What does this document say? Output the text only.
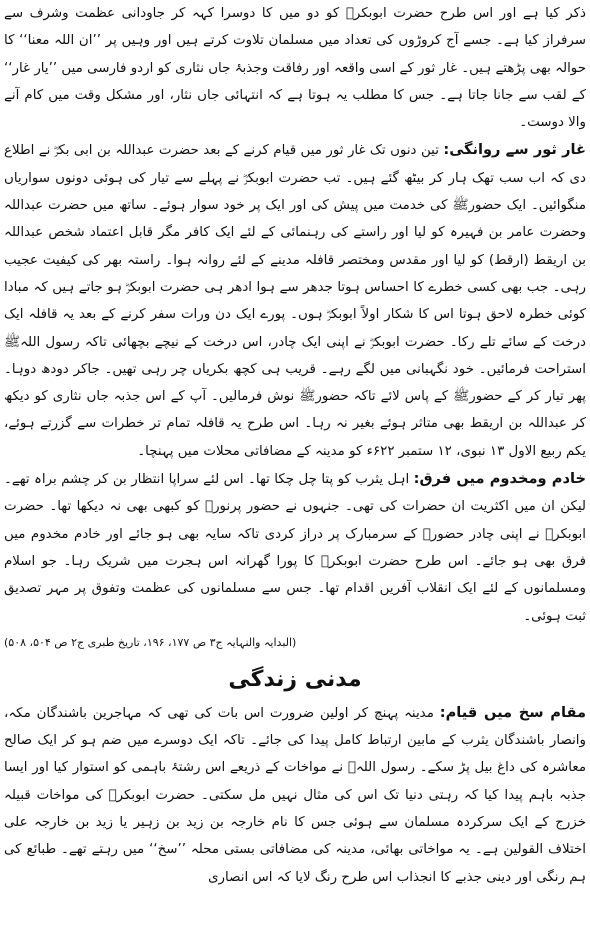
ذکر کیا ہے اور اس طرح حضرت ابوبکرؓ کو دو میں کا دوسرا کہہ کر جاودانی عظمت وشرف سے سرفراز کیا ہے۔ جسے آج کروڑوں کی تعداد میں مسلمان تلاوت کرتے ہیں اور وہیں پر ’’ان اللہ معنا‘‘ کا حوالہ بھی پڑھتے ہیں۔ غار ثور کے اسی واقعہ اور رفاقت وجذبۂ جاں نثاری کو اردو فارسی میں ’’یار غار‘‘ کے لقب سے جانا جاتا ہے۔ جس کا مطلب یہ ہوتا ہے کہ انتہائی جاں نثار، اور مشکل وقت میں کام آنے والا دوست۔

غار ثور سے روانگی: تین دنوں تک غار ثور میں قیام کرنے کے بعد حضرت عبداللہ بن ابی بکرؓ نے اطلاع دی کہ اب سب تھک ہار کر بیٹھ گئے ہیں۔ تب حضرت ابوبکرؓ نے پہلے سے تیار کی ہوئی دونوں سواریاں منگوائیں۔ ایک حضورﷺ کی خدمت میں پیش کی اور ایک پر خود سوار ہوئے۔ ساتھ میں حضرت عبداللہ وحضرت عامر بن فہیرہ کو لیا اور راستے کی رہنمائی کے لئے ایک کافر مگر قابل اعتماد شخص عبداللہ بن اریقط (ارقط) کو لیا اور مقدس ومختصر قافلہ مدینے کے لئے روانہ ہوا۔ راستہ بھر کی کیفیت عجیب رہی۔ جب بھی کسی خطرے کا احساس ہوتا جدھر سے ہوا ادھر ہی حضرت ابوبکرؓ ہو جاتے ہیں کہ مبادا کوئی خطرہ لاحق ہوتا اس کا شکار اولاً ابوبکرؓ ہوں۔ پورے ایک دن ورات سفر کرنے کے بعد یہ قافلہ ایک درخت کے سائے تلے رکا۔ حضرت ابوبکرؓ نے اپنی ایک چادر، اس درخت کے نیچے بچھائی تاکہ رسول اللہﷺ استراحت فرمائیں۔ خود نگہبانی میں لگے رہے۔ قریب ہی کچھ بکریاں چر رہی تھیں۔ جاکر دودھ دوہا۔ پھر تیار کر کے حضورﷺ کے پاس لائے تاکہ حضورﷺ نوش فرمالیں۔ آپ کے اس جذبہ جاں نثاری کو دیکھ کر عبداللہ بن اریقط بھی متاثر ہوئے بغیر نہ رہا۔ اس طرح یہ قافلہ تمام تر خطرات سے گزرتے ہوئے، یکم ربیع الاول ۱۳ نبوی، ۱۲ ستمبر ۶۲۲ء کو مدینہ کے مضافاتی محلات میں پہنچا۔

خادم ومخدوم میں فرق: اہل یثرب کو پتا چل چکا تھا۔ اس لئے سراپا انتظار بن کر چشم براہ تھے۔ لیکن ان میں اکثریت ان حضرات کی تھی۔ جنہوں نے حضور پرنورﷺ کو کبھی بھی نہ دیکھا تھا۔ حضرت ابوبکرؓ نے اپنی چادر حضورﷺ کے سرمبارک پر دراز کردی تاکہ سایہ بھی ہو جائے اور خادم مخدوم میں فرق بھی ہو جائے۔ اس طرح حضرت ابوبکرؓ کا پورا گھرانہ اس ہجرت میں شریک رہا۔ جو اسلام ومسلمانوں کے لئے ایک انقلاب آفریں اقدام تھا۔ جس سے مسلمانوں کی عظمت وتفوق پر مہر تصدیق ثبت ہوئی۔

(البدایہ والنہایہ ج۳ ص ۱۷۷، ۱۹۶، تاریخ طبری ج۲ ص ۵۰۴، ۵۰۸)

مدنی زندگی

مقام سخ میں قیام: مدینہ پہنچ کر اولین ضرورت اس بات کی تھی کہ مہاجرین باشندگان مکہ، وانصار باشندگان یثرب کے مابین ارتباط کامل پیدا کی جائے۔ تاکہ ایک دوسرے میں ضم ہو کر ایک صالح معاشرہ کی داغ بیل پڑ سکے۔ رسول اللہﷺ نے مواخات کے ذریعے اس رشتۂ باہمی کو استوار کیا اور ایسا جذبہ باہم پیدا کیا کہ رہتی دنیا تک اس کی مثال نہیں مل سکتی۔ حضرت ابوبکرؓ کی مواخات قبیلہ خزرج کے ایک سرکردہ مسلمان سے ہوئی جس کا نام خارجہ بن زید بن زہیر یا زید بن خارجہ علی اختلاف القولین ہے۔ یہ مواخاتی بھائی، مدینہ کی مضافاتی بستی محلہ ’’سخ‘‘ میں رہتے تھے۔ طبائع کی ہم رنگی اور دینی جذبے کا انجذاب اس طرح رنگ لایا کہ اس انصاری
